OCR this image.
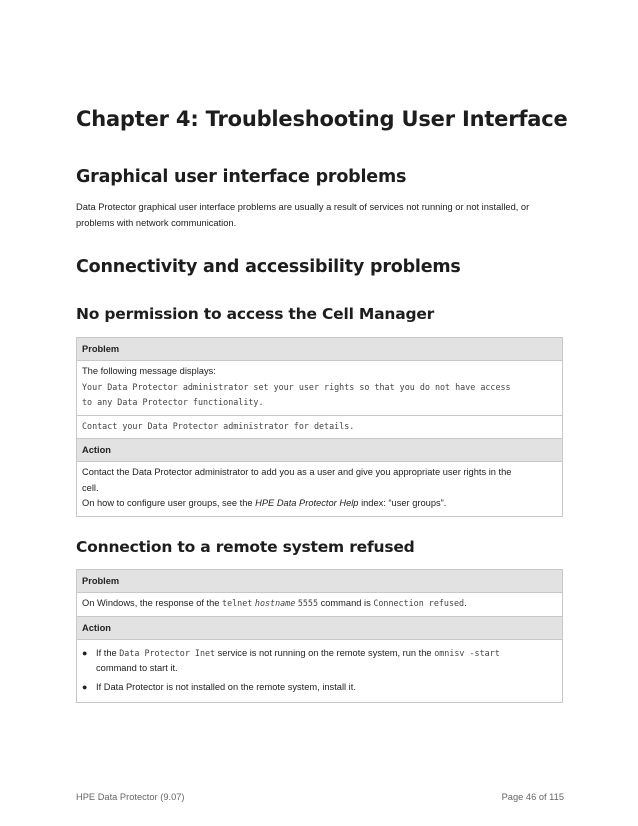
Chapter 4: Troubleshooting User Interface
Graphical user interface problems

Data Protector graphical user interface problems are usually a result of services not running or not installed, or
problems with network communication.

Connectivity and accessibility problems
No permission to access the Cell Manager
Problem
The following message displays:
Your Data Protector administrator set your user rights so that you do not have access
to any Data Protector functionality.
Contact your Data Protector administrator for details.
Action
Contact the Data Protector administrator to add you as a user and give you appropriate user rights in the
cell.
On how to configure user groups, see the HPE Data Protector Help index: “user groups”.
Connection to a remote system refused
Problem
On Windows, the response of the telnet hostname 5555 command is Connection refused.
Action
● If the Data Protector Inet service is not running on the remote system, run the omnisv -start
command to start it.
● If Data Protector is not installed on the remote system, install it.
HPE Data Protector (9.07)	Page 46 of 115
